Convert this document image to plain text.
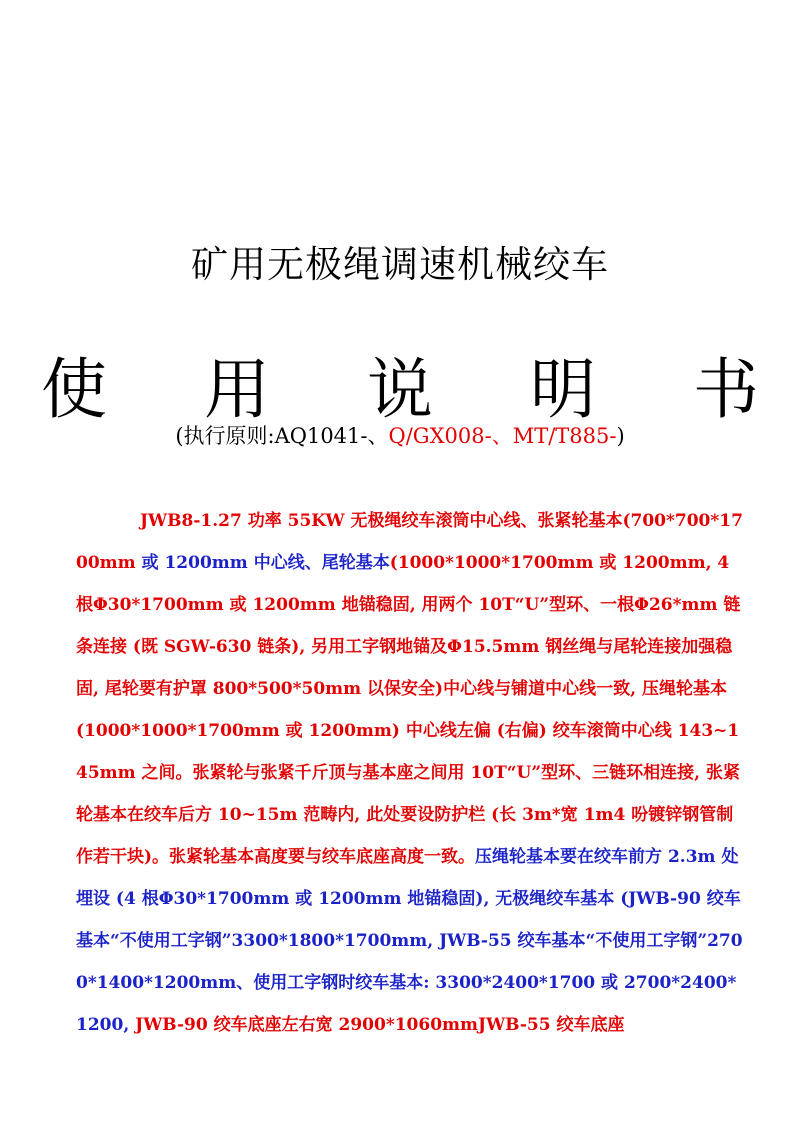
矿用无极绳调速机械绞车
使 用 说 明 书
(执行原则:AQ1041-、Q/GX008-、MT/T885-)
JWB8-1.27 功率 55KW 无极绳绞车滚筒中心线、张紧轮基本(700*700*1700mm 或 1200mm 中心线、尾轮基本(1000*1000*1700mm 或 1200mm, 4 根Φ30*1700mm 或 1200mm 地锚稳固, 用两个 10T“U”型环、一根Φ26*mm 链条连接 (既 SGW-630 链条), 另用工字钢地锚及Φ15.5mm 钢丝绳与尾轮连接加强稳固, 尾轮要有护罩 800*500*50mm 以保安全)中心线与铺道中心线一致, 压绳轮基本 (1000*1000*1700mm 或 1200mm) 中心线左偏 (右偏) 绞车滚筒中心线 143~145mm 之间。张紧轮与张紧千斤顶与基本座之间用 10T“U”型环、三链环相连接, 张紧轮基本在绞车后方 10~15m 范畴内, 此处要设防护栏 (长 3m*宽 1m4 吩镀锌钢管制作若干块)。张紧轮基本高度要与绞车底座高度一致。压绳轮基本要在绞车前方 2.3m 处埋设 (4 根Φ30*1700mm 或 1200mm 地锚稳固), 无极绳绞车基本 (JWB-90 绞车基本“不使用工字钢”3300*1800*1700mm, JWB-55 绞车基本“不使用工字钢”2700*1400*1200mm、使用工字钢时绞车基本: 3300*2400*1700 或 2700*2400*1200, JWB-90 绞车底座左右宽 2900*1060mmJWB-55 绞车底座
